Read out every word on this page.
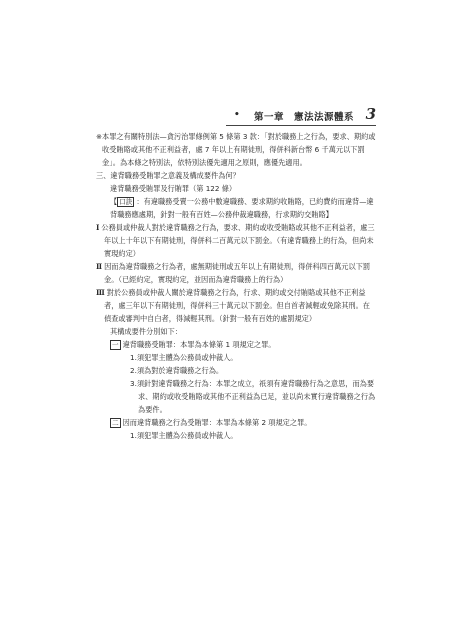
• 第一章　憲法法源體系 3

※本罪之有關特別法—貪污治罪條例第 5 條第 3 款：「對於職務上之行為，要求、期約或收受賄賂或其他不正利益者，處 7 年以上有期徒刑，得併科新台幣 6 千萬元以下罰金」。為本條之特別法，依特別法優先適用之原則，應優先適用。

三、違背職務受賄罪之意義及構成要件為何？

違背職務受賄罪及行賄罪（第 122 條）

【 口訣 ：有違職務受賣一公務中數違職務、要求期約收賄賂，已約費約而違背—違背職務應處期，針對一般有百姓—公務仲裁違職務，行求期約交賄賂】

Ⅰ 公務員或仲裁人對於違背職務之行為，要求、期約或收受賄賂或其他不正利益者，處三年以上十年以下有期徒刑，得併科二百萬元以下罰金。（有違背職務上的行為，但尚未實現約定）

Ⅱ 因而為違背職務之行為者，處無期徒刑或五年以上有期徒刑，得併科四百萬元以下罰金。（已經約定，實現約定，並因而為違背職務上的行為）

Ⅲ 對於公務員或仲裁人關於違背職務之行為，行求、期約或交付賄賂或其他不正利益者，處三年以下有期徒刑，得併科三十萬元以下罰金。但自首者減輕或免除其刑。在偵查或審判中自白者，得減輕其刑。（針對一般有百姓的處罰規定）

其構成要件分別如下：

一 違背職務受賄罪：本罪為本條第 1 項規定之罪。

1.須犯罪主體為公務員或仲裁人。

2.須為對於違背職務之行為。

3.須針對違背職務之行為：本罪之成立，祇須有違背職務行為之意思，而為要求、期約或收受賄賂或其他不正利益為已足，並以尚未實行違背職務之行為為要件。

二 因而違背職務之行為受賄罪：本罪為本條第 2 項規定之罪。

1.須犯罪主體為公務員或仲裁人。
